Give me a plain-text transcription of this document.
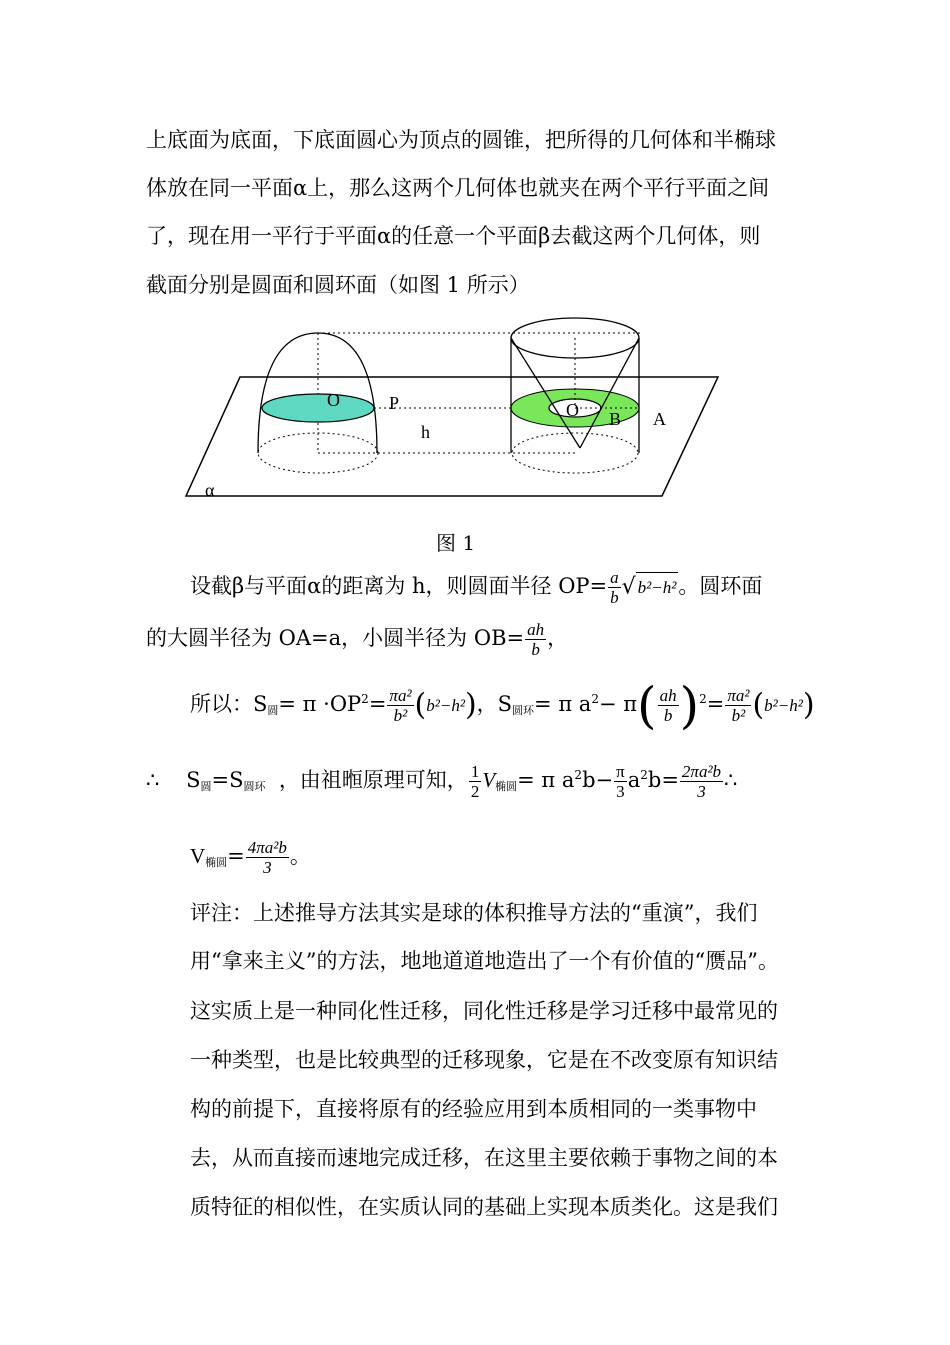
上底面为底面，下底面圆心为顶点的圆锥，把所得的几何体和半椭球
体放在同一平面α上，那么这两个几何体也就夹在两个平行平面之间
了，现在用一平行于平面α的任意一个平面β去截这两个几何体，则
截面分别是圆面和圆环面（如图 1 所示）
O	P
h
O B A
α
图 1
设截β与平面α的距离为 h，则圆面半径 $OP= \frac{a}{b}$ √ b²−h²。圆环面
的大圆半径为 OA=a，小圆半径为 $OB= \frac{ah}{b}$ ，
所以：$S_圆= \pi \cdot OP^2= \frac{\text{πa²}}{\text{b²}} (b^2-h^2)$，$S_{圆环}= \pi$ $a^2- \pi( \frac{ah}{b} )^2= \frac{\text{πa²}}{\text{b²}} (b^2-h^2)$
∴ $S_圆=S_{圆环}$ ，由祖暅原理可知， $\frac{1}{2} V_{椭圆}= \pi$ $a^2b- \frac{\pi}{3} a^2b= \frac{\text{2πa²b}}{3}$ ∴
$V_{椭圆}= \frac{\text{4πa²b}}{3}$ 。
评注：上述推导方法其实是球的体积推导方法的“重演”，我们
用“拿来主义”的方法，地地道道地造出了一个有价值的“赝品”。
这实质上是一种同化性迁移，同化性迁移是学习迁移中最常见的
一种类型，也是比较典型的迁移现象，它是在不改变原有知识结
构的前提下，直接将原有的经验应用到本质相同的一类事物中
去，从而直接而速地完成迁移，在这里主要依赖于事物之间的本
质特征的相似性，在实质认同的基础上实现本质类化。这是我们
